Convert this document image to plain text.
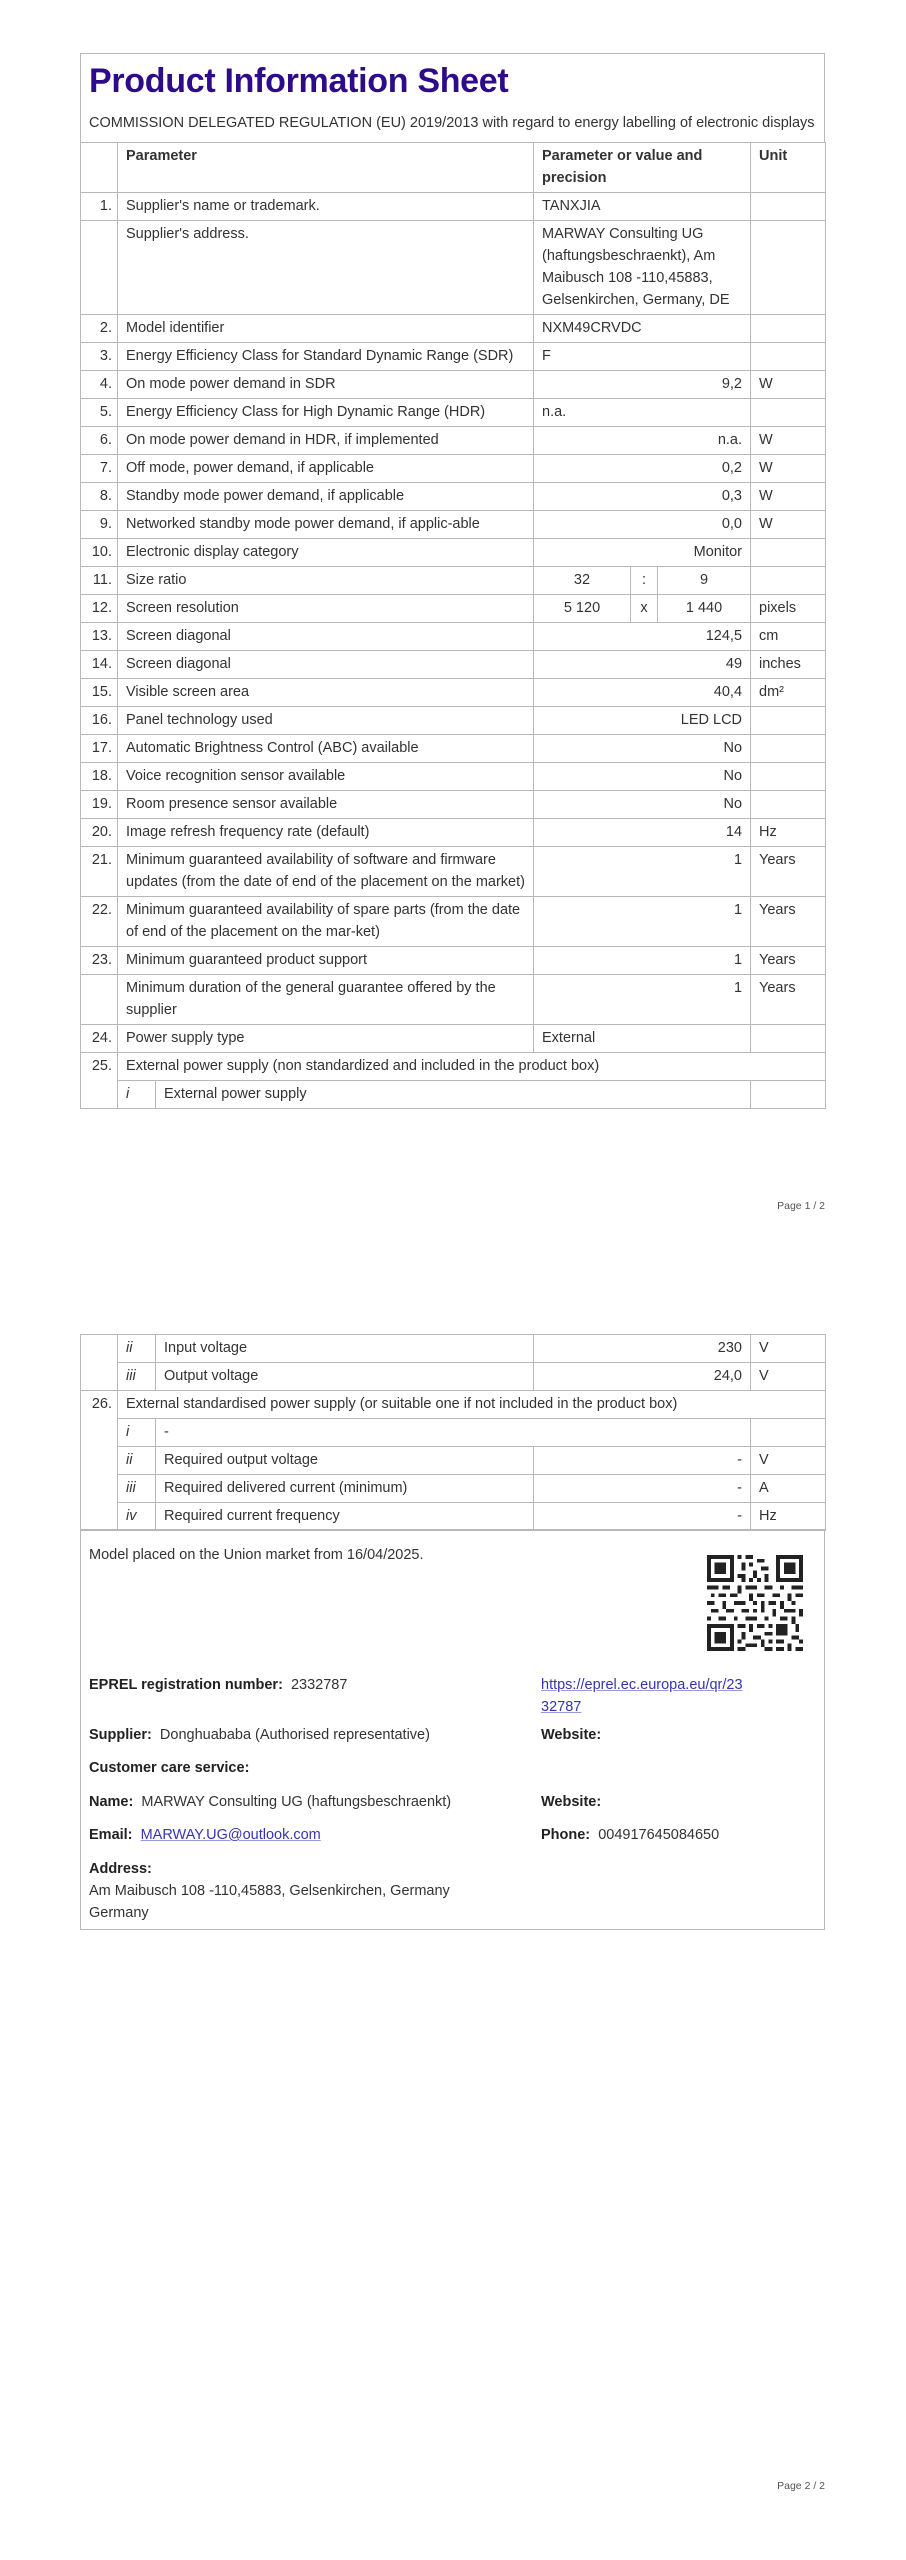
Product Information Sheet
COMMISSION DELEGATED REGULATION (EU) 2019/2013 with regard to energy labelling of electronic displays
	Parameter		Parameter or value and precision			Unit
1.	Supplier's name or trademark.		TANXJIA			
	Supplier's address.		MARWAY Consulting UG (haftungsbeschraenkt), Am Maibusch 108 -110,45883, Gelsenkirchen, Germany, DE			
2.	Model identifier		NXM49CRVDC			
3.	Energy Efficiency Class for Standard Dynamic Range (SDR)		F			
4.	On mode power demand in SDR		9,2			W
5.	Energy Efficiency Class for High Dynamic Range (HDR)		n.a.			
6.	On mode power demand in HDR, if implemented		n.a.			W
7.	Off mode, power demand, if applicable		0,2			W
8.	Standby mode power demand, if applicable		0,3			W
9.	Networked standby mode power demand, if applic-able		0,0			W
10.	Electronic display category		Monitor			
11.	Size ratio		32	:	9	
12.	Screen resolution		5 120	x	1 440	pixels
13.	Screen diagonal		124,5			cm
14.	Screen diagonal		49			inches
15.	Visible screen area		40,4			dm²
16.	Panel technology used		LED LCD			
17.	Automatic Brightness Control (ABC) available		No			
18.	Voice recognition sensor available		No			
19.	Room presence sensor available		No			
20.	Image refresh frequency rate (default)		14			Hz
21.	Minimum guaranteed availability of software and firmware updates (from the date of end of the placement on the market)		1			Years
22.	Minimum guaranteed availability of spare parts (from the date of end of the placement on the mar-ket)		1			Years
23.	Minimum guaranteed product support		1			Years
	Minimum duration of the general guarantee offered by the supplier		1			Years
24.	Power supply type		External			
25.	External power supply (non standardized and included in the product box)					
	i	External power supply				
Page 1 / 2
	ii	Input voltage	230	V
	iii	Output voltage	24,0	V
26.	External standardised power supply (or suitable one if not included in the product box)			
	i	-		
	ii	Required output voltage	-	V
	iii	Required delivered current (minimum)	-	A
	iv	Required current frequency	-	Hz
Model placed on the Union market from 16/04/2025.
EPREL registration number: 2332787	https://eprel.ec.europa.eu/qr/23
32787
Supplier: Donghuababa (Authorised representative)	Website:
Customer care service:
Name: MARWAY Consulting UG (haftungsbeschraenkt)	Website:
Email: MARWAY.UG@outlook.com	Phone: 004917645084650
Address:
Am Maibusch 108 -110,45883, Gelsenkirchen, Germany
Germany
Page 2 / 2
